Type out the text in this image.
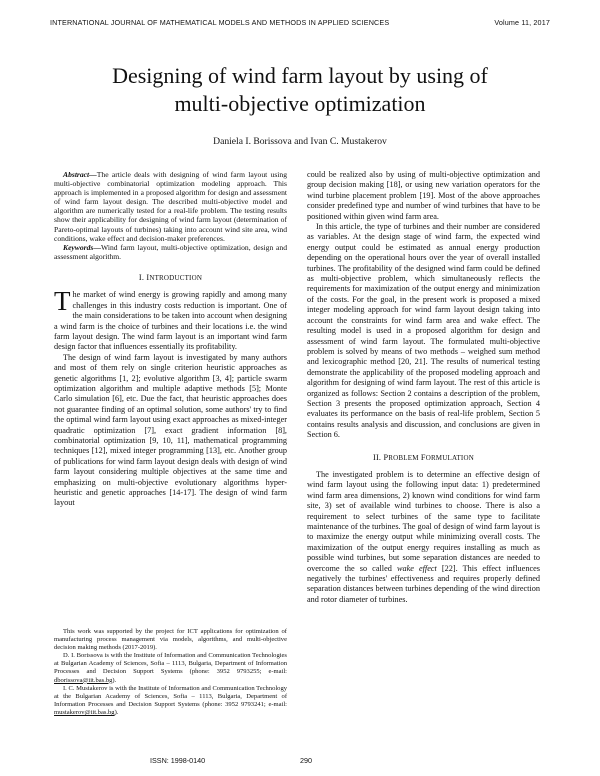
INTERNATIONAL JOURNAL OF MATHEMATICAL MODELS AND METHODS IN APPLIED SCIENCES	Volume 11, 2017
Designing of wind farm layout by using of
multi-objective optimization
Daniela I. Borissova and Ivan C. Mustakerov

Abstract—The article deals with designing of wind farm layout using multi-objective combinatorial optimization modeling approach. This approach is implemented in a proposed algorithm for design and assessment of wind farm layout design. The described multi-objective model and algorithm are numerically tested for a real-life problem. The testing results show their applicability for designing of wind farm layout (determination of Pareto-optimal layouts of turbines) taking into account wind site area, wind conditions, wake effect and decision-maker preferences.

Keywords—Wind farm layout, multi-objective optimization, design and assessment algorithm.

I. INTRODUCTION

The market of wind energy is growing rapidly and among many challenges in this industry costs reduction is important. One of the main considerations to be taken into account when designing a wind farm is the choice of turbines and their locations i.e. the wind farm layout design. The wind farm layout is an important wind farm design factor that influences essentially its profitability.

The design of wind farm layout is investigated by many authors and most of them rely on single criterion heuristic approaches as genetic algorithms [1, 2]; evolutive algorithm [3, 4]; particle swarm optimization algorithm and multiple adaptive methods [5]; Monte Carlo simulation [6], etc. Due the fact, that heuristic approaches does not guarantee finding of an optimal solution, some authors' try to find the optimal wind farm layout using exact approaches as mixed-integer quadratic optimization [7], exact gradient information [8], combinatorial optimization [9, 10, 11], mathematical programming techniques [12], mixed integer programming [13], etc. Another group of publications for wind farm layout design deals with design of wind farm layout considering multiple objectives at the same time and emphasizing on multi-objective evolutionary algorithms hyper-heuristic and genetic approaches [14-17]. The design of wind farm layout

This work was supported by the project for ICT applications for optimization of manufacturing process management via models, algorithms, and multi-objective decision making methods (2017-2019).

D. I. Borissova is with the Institute of Information and Communication Technologies at Bulgarian Academy of Sciences, Sofia – 1113, Bulgaria, Department of Information Processes and Decision Support Systems (phone: 3952 9793255; e-mail: dborissova@iit.bas.bg).

I. C. Mustakerov is with the Institute of Information and Communication Technology at the Bulgarian Academy of Sciences, Sofia – 1113, Bulgaria, Department of Information Processes and Decision Support Systems (phone: 3952 9793241; e-mail: mustakerov@iit.bas.bg).

could be realized also by using of multi-objective optimization and group decision making [18], or using new variation operators for the wind turbine placement problem [19]. Most of the above approaches consider predefined type and number of wind turbines that have to be positioned within given wind farm area.

In this article, the type of turbines and their number are considered as variables. At the design stage of wind farm, the expected wind energy output could be estimated as annual energy production depending on the operational hours over the year of overall installed turbines. The profitability of the designed wind farm could be defined as multi-objective problem, which simultaneously reflects the requirements for maximization of the output energy and minimization of the costs. For the goal, in the present work is proposed a mixed integer modeling approach for wind farm layout design taking into account the constraints for wind farm area and wake effect. The resulting model is used in a proposed algorithm for design and assessment of wind farm layout. The formulated multi-objective problem is solved by means of two methods – weighed sum method and lexicographic method [20, 21]. The results of numerical testing demonstrate the applicability of the proposed modeling approach and algorithm for designing of wind farm layout. The rest of this article is organized as follows: Section 2 contains a description of the problem, Section 3 presents the proposed optimization approach, Section 4 evaluates its performance on the basis of real-life problem, Section 5 contains results analysis and discussion, and conclusions are given in Section 6.

II. PROBLEM FORMULATION

The investigated problem is to determine an effective design of wind farm layout using the following input data: 1) predetermined wind farm area dimensions, 2) known wind conditions for wind farm site, 3) set of available wind turbines to choose. There is also a requirement to select turbines of the same type to facilitate maintenance of the turbines. The goal of design of wind farm layout is to maximize the energy output while minimizing overall costs. The maximization of the output energy requires installing as much as possible wind turbines, but some separation distances are needed to overcome the so called wake effect [22]. This effect influences negatively the turbines' effectiveness and requires properly defined separation distances between turbines depending of the wind direction and rotor diameter of turbines.

ISSN: 1998-0140	290
